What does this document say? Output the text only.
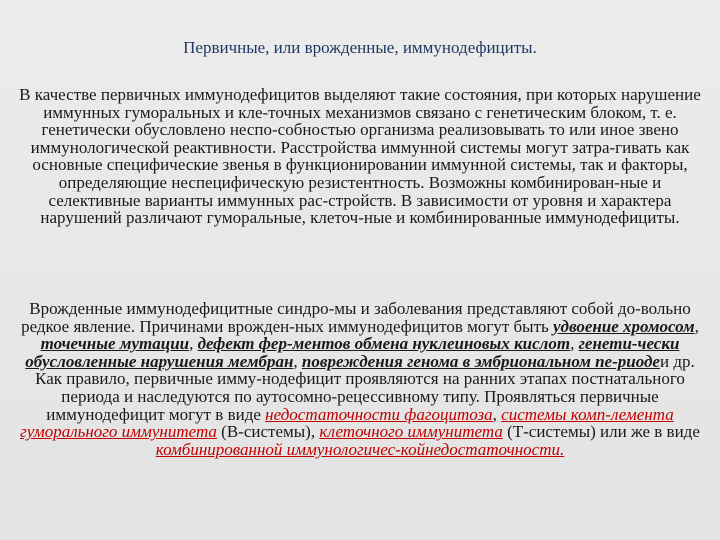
Первичные, или врожденные, иммунодефициты.

В качестве первичных иммунодефицитов выделяют такие состояния, при которых нарушение иммунных гуморальных и кле-точных механизмов связано с генетическим блоком, т. е. генетически обусловлено неспо-собностью организма реализовывать то или иное звено иммунологической реактивности. Расстройства иммунной системы могут затра-гивать как основные специфические звенья в функционировании иммунной системы, так и факторы, определяющие неспецифическую резистентность. Возможны комбинирован-ные и селективные варианты иммунных рас-стройств. В зависимости от уровня и характера нарушений различают гуморальные, клеточ-ные и комбинированные иммунодефициты.

Врожденные иммунодефицитные синдро-мы и заболевания представляют собой до-вольно редкое явление. Причинами врожден-ных иммунодефицитов могут быть удвоение хромосом, точечные мутации, дефект фер-ментов обмена нуклеиновых кислот, генети-чески обусловленные нарушения мембран, повреждения генома в эмбриональном пе-риодеи др. Как правило, первичные имму-нодефицит проявляются на ранних этапах постнатального периода и наследуются по аутосомно-рецессивному типу. Проявляться первичные иммунодефицит могут в виде недостаточности фагоцитоза, системы комп-лемента гуморального иммунитета (В-системы), клеточного иммунитета (Т-системы) или же в виде комбинированной иммунологичес-койнедостаточности.
